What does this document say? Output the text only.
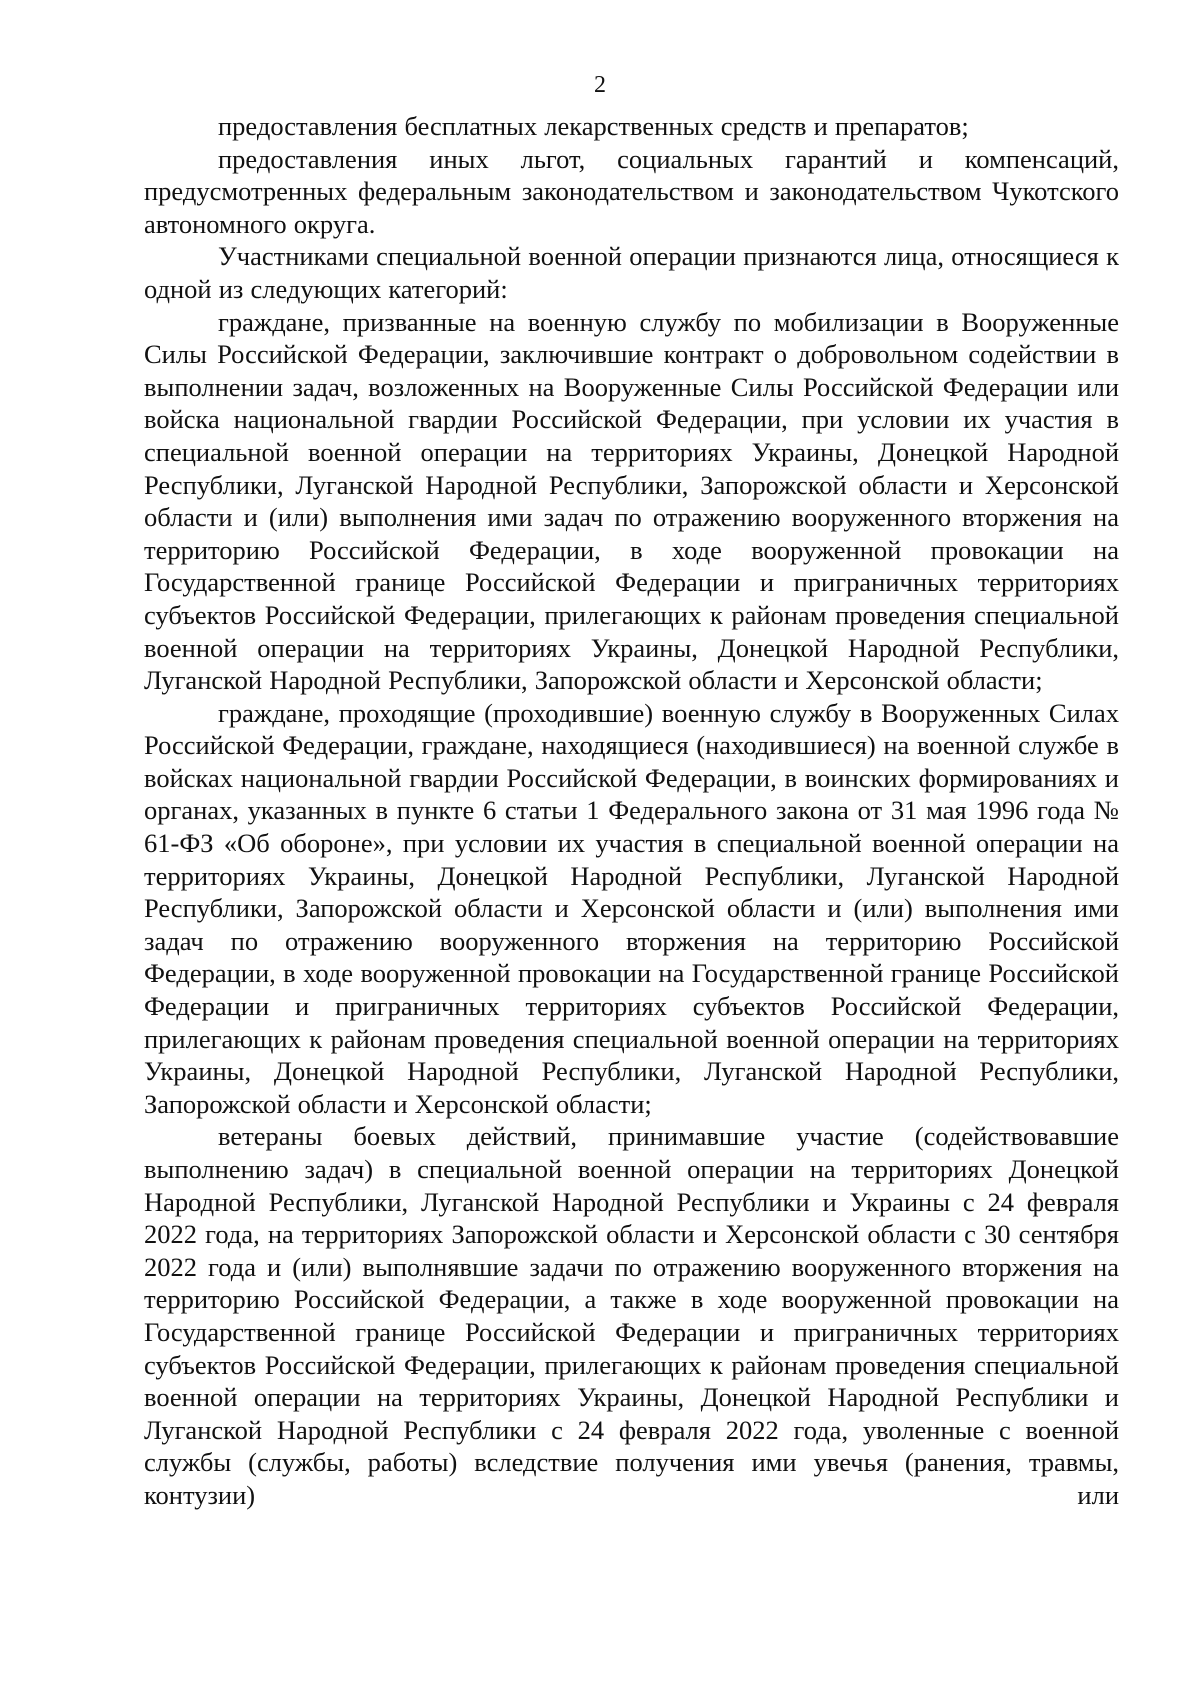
2

предоставления бесплатных лекарственных средств и препаратов;

предоставления иных льгот, социальных гарантий и компенсаций, предусмотренных федеральным законодательством и законодательством Чукотского автономного округа.

Участниками специальной военной операции признаются лица, относящиеся к одной из следующих категорий:

граждане, призванные на военную службу по мобилизации в Вооруженные Силы Российской Федерации, заключившие контракт о добровольном содействии в выполнении задач, возложенных на Вооруженные Силы Российской Федерации или войска национальной гвардии Российской Федерации, при условии их участия в специальной военной операции на территориях Украины, Донецкой Народной Республики, Луганской Народной Республики, Запорожской области и Херсонской области и (или) выполнения ими задач по отражению вооруженного вторжения на территорию Российской Федерации, в ходе вооруженной провокации на Государственной границе Российской Федерации и приграничных территориях субъектов Российской Федерации, прилегающих к районам проведения специальной военной операции на территориях Украины, Донецкой Народной Республики, Луганской Народной Республики, Запорожской области и Херсонской области;

граждане, проходящие (проходившие) военную службу в Вооруженных Силах Российской Федерации, граждане, находящиеся (находившиеся) на военной службе в войсках национальной гвардии Российской Федерации, в воинских формированиях и органах, указанных в пункте 6 статьи 1 Федерального закона от 31 мая 1996 года № 61-ФЗ «Об обороне», при условии их участия в специальной военной операции на территориях Украины, Донецкой Народной Республики, Луганской Народной Республики, Запорожской области и Херсонской области и (или) выполнения ими задач по отражению вооруженного вторжения на территорию Российской Федерации, в ходе вооруженной провокации на Государственной границе Российской Федерации и приграничных территориях субъектов Российской Федерации, прилегающих к районам проведения специальной военной операции на территориях Украины, Донецкой Народной Республики, Луганской Народной Республики, Запорожской области и Херсонской области;

ветераны боевых действий, принимавшие участие (содействовавшие выполнению задач) в специальной военной операции на территориях Донецкой Народной Республики, Луганской Народной Республики и Украины с 24 февраля 2022 года, на территориях Запорожской области и Херсонской области с 30 сентября 2022 года и (или) выполнявшие задачи по отражению вооруженного вторжения на территорию Российской Федерации, а также в ходе вооруженной провокации на Государственной границе Российской Федерации и приграничных территориях субъектов Российской Федерации, прилегающих к районам проведения специальной военной операции на территориях Украины, Донецкой Народной Республики и Луганской Народной Республики с 24 февраля 2022 года, уволенные с военной службы (службы, работы) вследствие получения ими увечья (ранения, травмы, контузии) или
